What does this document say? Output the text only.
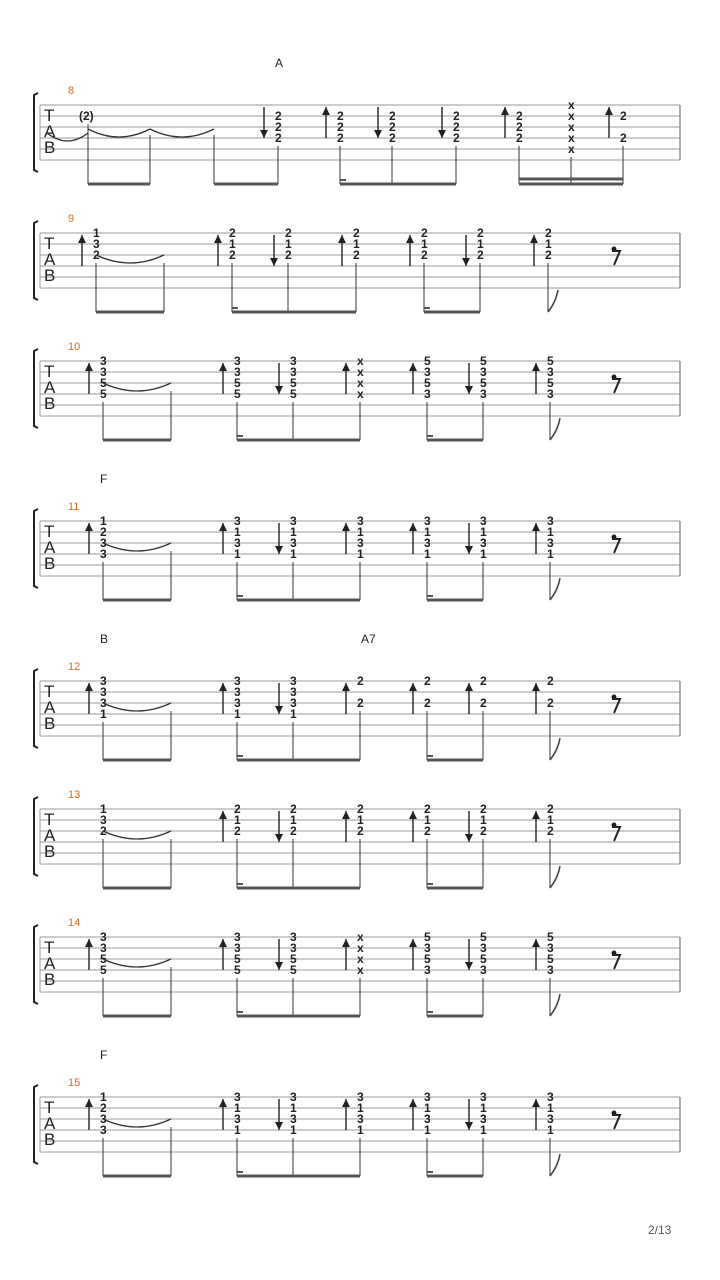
A
8
T
A
B
(2)	2
2
2
2
2
2
2
2
2
2
2
2
2
2
2
x
x
x
x
x
2
2
9
T
A
B
1
3
2
2
1
2
2
1
2
2
1
2
2
1
2
2
1
2
2
1
2
10
T
A
B
3
3
5
5
3
3
5
5
3
3
5
5
x
x
x
x
5
3
5
3
5
3
5
3
5
3
5
3
F
11
T
A
B
1
2
3
3
3
1
3
1
3
1
3
1
3
1
3
1
3
1
3
1
3
1
3
1
3
1
3
1
B	A7
12
T
A
B
3
3
3
1
3
3
3
1
3
3
3
1
2
2
2
2
2
2
2
2
13
T
A
B
1
3
2
2
1
2
2
1
2
2
1
2
2
1
2
2
1
2
2
1
2
14
T
A
B
3
3
5
5
3
3
5
5
3
3
5
5
x
x
x
x
5
3
5
3
5
3
5
3
5
3
5
3
F
15
T
A
B
1
2
3
3
3
1
3
1
3
1
3
1
3
1
3
1
3
1
3
1
3
1
3
1
3
1
3
1
2/13
